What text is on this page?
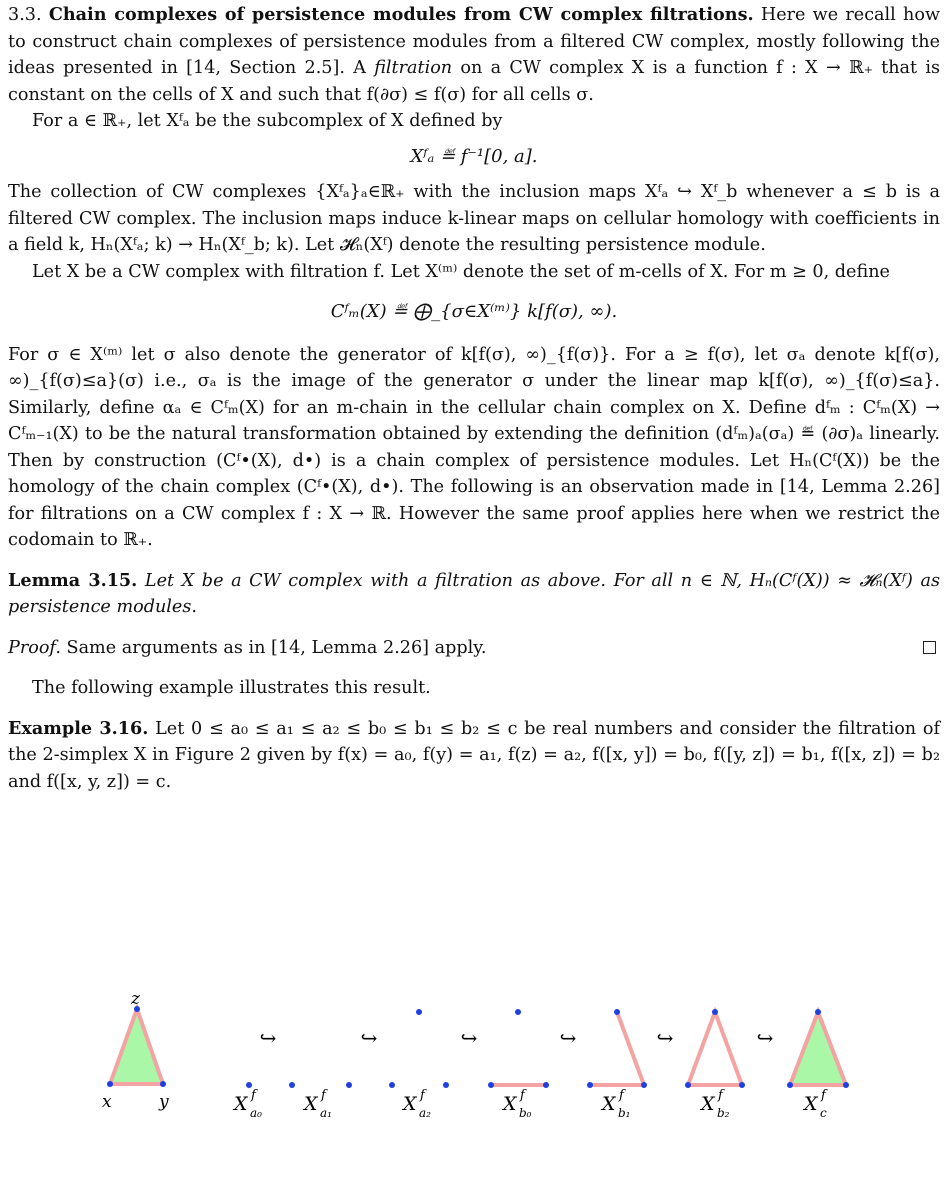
3.3. Chain complexes of persistence modules from CW complex filtrations. Here we recall how to construct chain complexes of persistence modules from a filtered CW complex, mostly following the ideas presented in [14, Section 2.5]. A filtration on a CW complex X is a function f : X → ℝ₊ that is constant on the cells of X and such that f(∂σ) ≤ f(σ) for all cells σ.

For a ∈ ℝ₊, let Xᶠₐ be the subcomplex of X defined by

Xᶠₐ ≝ f⁻¹[0, a].

The collection of CW complexes {Xᶠₐ}ₐ∈ℝ₊ with the inclusion maps Xᶠₐ ↪ Xᶠ_b whenever a ≤ b is a filtered CW complex. The inclusion maps induce k-linear maps on cellular homology with coefficients in a field k, Hₙ(Xᶠₐ; k) → Hₙ(Xᶠ_b; k). Let 𝓗ₙ(Xᶠ) denote the resulting persistence module.

Let X be a CW complex with filtration f. Let X⁽ᵐ⁾ denote the set of m-cells of X. For m ≥ 0, define

Cᶠₘ(X) ≝ ⨁_{σ∈X⁽ᵐ⁾} k[f(σ), ∞).

For σ ∈ X⁽ᵐ⁾ let σ also denote the generator of k[f(σ), ∞)_{f(σ)}. For a ≥ f(σ), let σₐ denote k[f(σ), ∞)_{f(σ)≤a}(σ) i.e., σₐ is the image of the generator σ under the linear map k[f(σ), ∞)_{f(σ)≤a}. Similarly, define αₐ ∈ Cᶠₘ(X) for an m-chain in the cellular chain complex on X. Define dᶠₘ : Cᶠₘ(X) → Cᶠₘ₋₁(X) to be the natural transformation obtained by extending the definition (dᶠₘ)ₐ(σₐ) ≝ (∂σ)ₐ linearly. Then by construction (Cᶠ•(X), d•) is a chain complex of persistence modules. Let Hₙ(Cᶠ(X)) be the homology of the chain complex (Cᶠ•(X), d•). The following is an observation made in [14, Lemma 2.26] for filtrations on a CW complex f : X → ℝ. However the same proof applies here when we restrict the codomain to ℝ₊.

Lemma 3.15. Let X be a CW complex with a filtration as above. For all n ∈ ℕ, Hₙ(Cᶠ(X)) ≈ 𝓗ₙ(Xᶠ) as persistence modules.

Proof. Same arguments as in [14, Lemma 2.26] apply.

The following example illustrates this result.

Example 3.16. Let 0 ≤ a₀ ≤ a₁ ≤ a₂ ≤ b₀ ≤ b₁ ≤ b₂ ≤ c be real numbers and consider the filtration of the 2-simplex X in Figure 2 given by f(x) = a₀, f(y) = a₁, f(z) = a₂, f([x, y]) = b₀, f([y, z]) = b₁, f([x, z]) = b₂ and f([x, y, z]) = c.

z
x	y
↪	↪	↪	↪	↪	↪
X f
a₀ X f
a₁	X f
a₂	X f
b₀	X f
b₁	X f
b₂	X f
c
